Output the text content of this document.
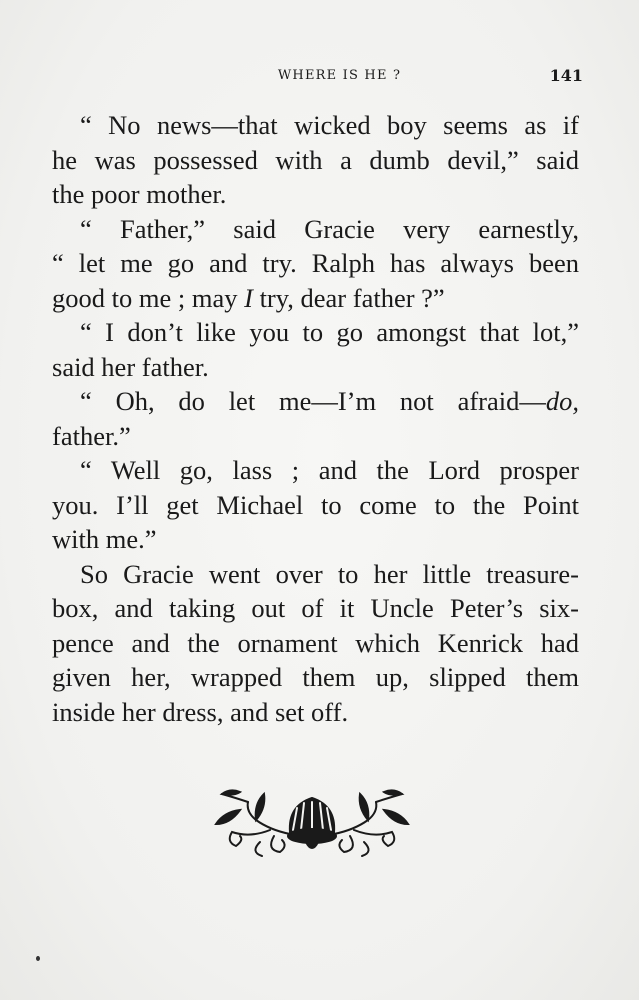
WHERE IS HE ?	141
“ No news—that wicked boy seems as if
he was possessed with a dumb devil,” said
the poor mother.
“ Father,” said Gracie very earnestly,
“ let me go and try. Ralph has always been
good to me ; may I try, dear father ?”
“ I don’t like you to go amongst that lot,”
said her father.
“ Oh, do let me—I’m not afraid—do,
father.”
“ Well go, lass ; and the Lord prosper
you. I’ll get Michael to come to the Point
with me.”
So Gracie went over to her little treasure-
box, and taking out of it Uncle Peter’s six-
pence and the ornament which Kenrick had
given her, wrapped them up, slipped them
inside her dress, and set off.
